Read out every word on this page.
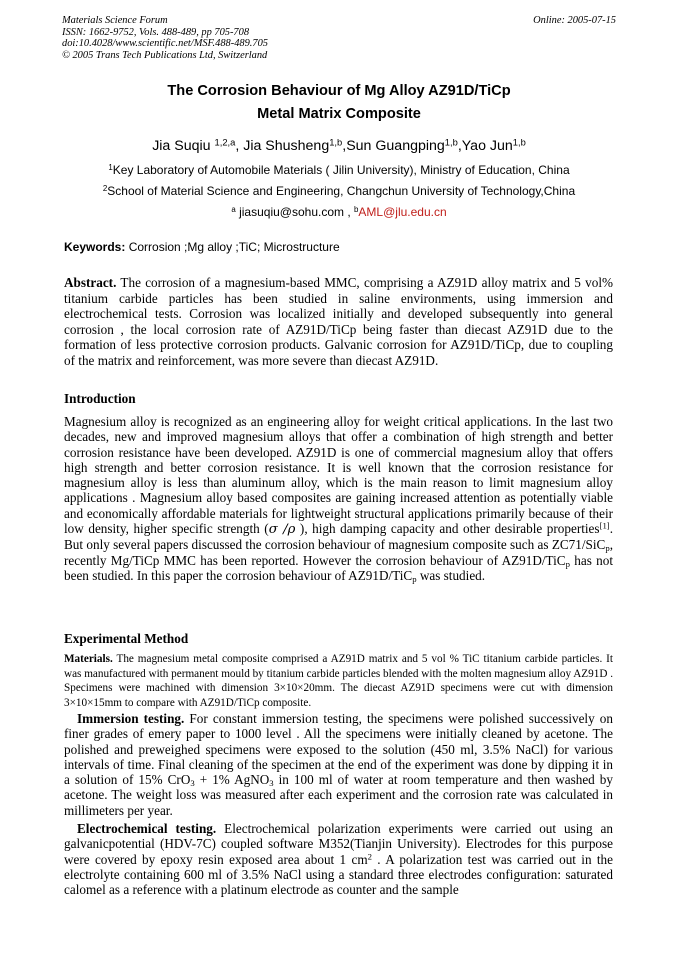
Materials Science Forum
ISSN: 1662-9752, Vols. 488-489, pp 705-708
doi:10.4028/www.scientific.net/MSF.488-489.705
© 2005 Trans Tech Publications Ltd, Switzerland
Online: 2005-07-15
The Corrosion Behaviour of Mg Alloy AZ91D/TiCp
Metal Matrix Composite
Jia Suqiu $^{1,2,a}$, Jia Shusheng$^{1,b}$,Sun Guangping$^{1,b}$,Yao Jun$^{1,b}$
$^1$Key Laboratory of Automobile Materials ( Jilin University), Ministry of Education, China
$^2$School of Material Science and Engineering, Changchun University of Technology,China
$^a$ jiasuqiu@sohu.com , $^b$AML@jlu.edu.cn
Keywords: Corrosion ;Mg alloy ;TiC; Microstructure
Abstract. The corrosion of a magnesium-based MMC, comprising a AZ91D alloy matrix and 5 vol% titanium carbide particles has been studied in saline environments, using immersion and electrochemical tests. Corrosion was localized initially and developed subsequently into general corrosion , the local corrosion rate of AZ91D/TiCp being faster than diecast AZ91D due to the formation of less protective corrosion products. Galvanic corrosion for AZ91D/TiCp, due to coupling of the matrix and reinforcement, was more severe than diecast AZ91D.
Introduction
Magnesium alloy is recognized as an engineering alloy for weight critical applications. In the last two decades, new and improved magnesium alloys that offer a combination of high strength and better corrosion resistance have been developed. AZ91D is one of commercial magnesium alloy that offers high strength and better corrosion resistance. It is well known that the corrosion resistance for magnesium alloy is less than aluminum alloy, which is the main reason to limit magnesium alloy applications . Magnesium alloy based composites are gaining increased attention as potentially viable and economically affordable materials for lightweight structural applications primarily because of their low density, higher specific strength (σ /ρ ), high damping capacity and other desirable properties[1]. But only several papers discussed the corrosion behaviour of magnesium composite such as ZC71/SiC$_p$, recently Mg/TiCp MMC has been reported. However the corrosion behaviour of AZ91D/TiC$_p$ has not been studied. In this paper the corrosion behaviour of AZ91D/TiC$_p$ was studied.
Experimental Method
Materials. The magnesium metal composite comprised a AZ91D matrix and 5 vol % TiC titanium carbide particles. It was manufactured with permanent mould by titanium carbide particles blended with the molten magnesium alloy AZ91D . Specimens were machined with dimension 3×10×20mm. The diecast AZ91D specimens were cut with dimension 3×10×15mm to compare with AZ91D/TiCp composite.
Immersion testing. For constant immersion testing, the specimens were polished successively on finer grades of emery paper to 1000 level . All the specimens were initially cleaned by acetone. The polished and preweighed specimens were exposed to the solution (450 ml, 3.5% NaCl) for various intervals of time. Final cleaning of the specimen at the end of the experiment was done by dipping it in a solution of 15% CrO$_3$ + 1% AgNO$_3$ in 100 ml of water at room temperature and then washed by acetone. The weight loss was measured after each experiment and the corrosion rate was calculated in millimeters per year.
Electrochemical testing. Electrochemical polarization experiments were carried out using an galvanicpotential (HDV-7C) coupled software M352(Tianjin University). Electrodes for this purpose were covered by epoxy resin exposed area about 1 $cm^2$ . A polarization test was carried out in the electrolyte containing 600 ml of 3.5% NaCl using a standard three electrodes configuration: saturated calomel as a reference with a platinum electrode as counter and the sample
